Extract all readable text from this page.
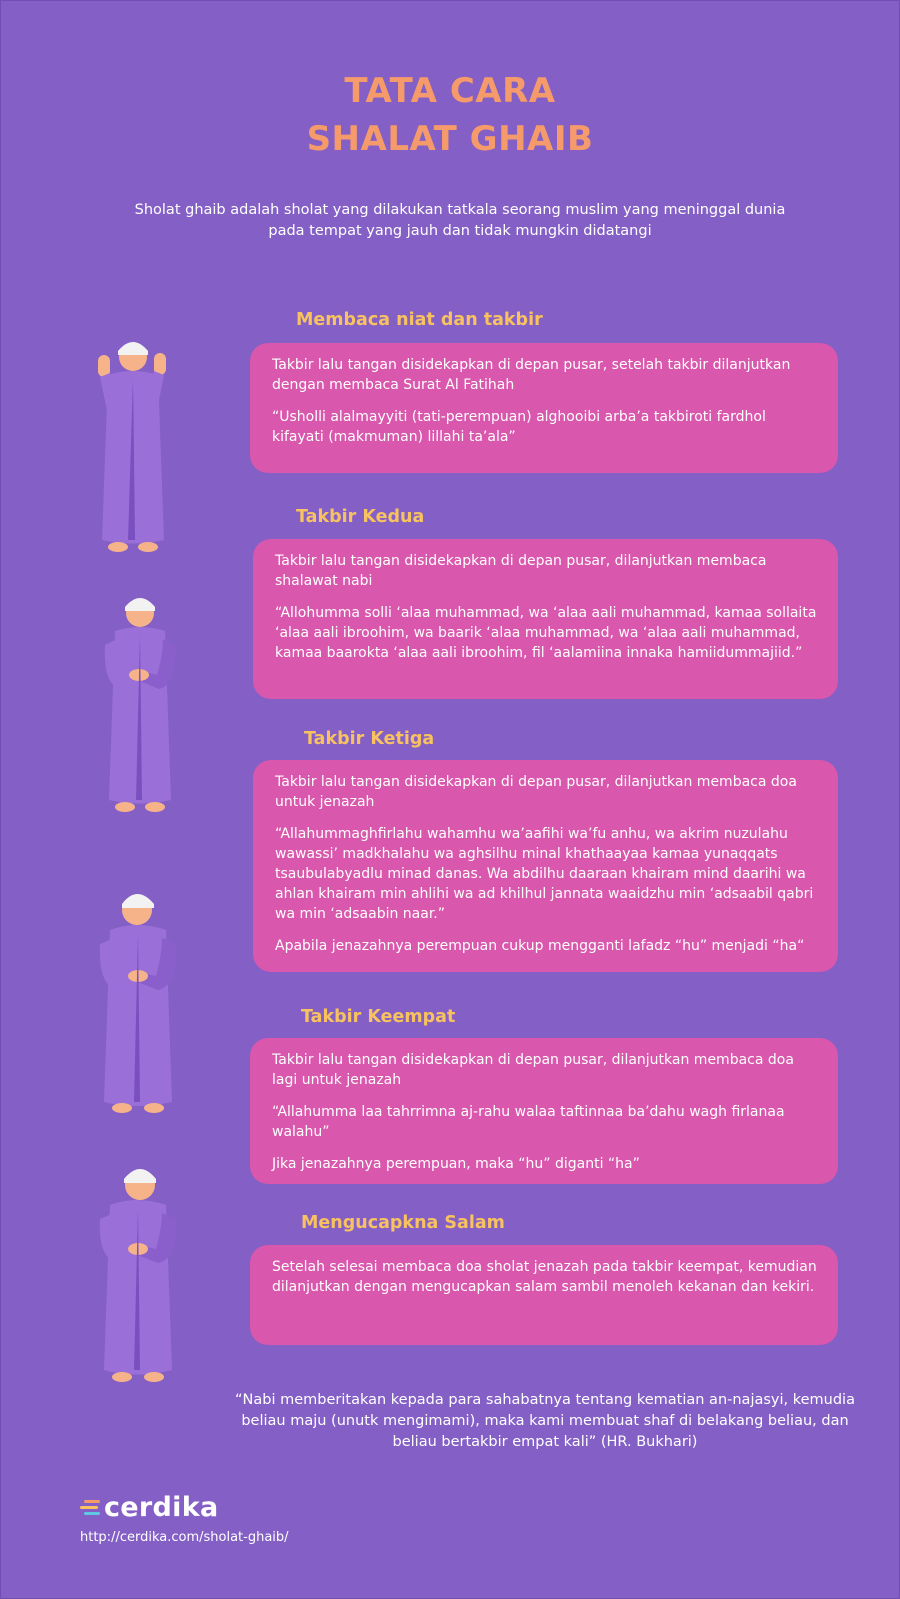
TATA CARA
SHALAT GHAIB
Sholat ghaib adalah sholat yang dilakukan tatkala seorang muslim yang meninggal dunia pada tempat yang jauh dan tidak mungkin didatangi
Membaca niat dan takbir

Takbir lalu tangan disidekapkan di depan pusar, setelah takbir dilanjutkan dengan membaca Surat Al Fatihah

“Usholli alalmayyiti (tati-perempuan) alghooibi arba’a takbiroti fardhol kifayati (makmuman) lillahi ta’ala”

Takbir Kedua

Takbir lalu tangan disidekapkan di depan pusar, dilanjutkan membaca shalawat nabi

“Allohumma solli ‘alaa muhammad, wa ‘alaa aali muhammad, kamaa sollaita ‘alaa aali ibroohim, wa baarik ‘alaa muhammad, wa ‘alaa aali muhammad, kamaa baarokta ‘alaa aali ibroohim, fil ‘aalamiina innaka hamiidummajiid.”

Takbir Ketiga

Takbir lalu tangan disidekapkan di depan pusar, dilanjutkan membaca doa untuk jenazah

“Allahummaghfirlahu wahamhu wa’aafihi wa’fu anhu, wa akrim nuzulahu wawassi’ madkhalahu wa aghsilhu minal khathaayaa kamaa yunaqqats tsaubulabyadlu minad danas. Wa abdilhu daaraan khairam mind daarihi wa ahlan khairam min ahlihi wa ad khilhul jannata waaidzhu min ‘adsaabil qabri wa min ‘adsaabin naar.”

Apabila jenazahnya perempuan cukup mengganti lafadz “hu” menjadi “ha“

Takbir Keempat

Takbir lalu tangan disidekapkan di depan pusar, dilanjutkan membaca doa lagi untuk jenazah

“Allahumma laa tahrrimna aj-rahu walaa taftinnaa ba’dahu wagh firlanaa walahu”

Jika jenazahnya perempuan, maka “hu” diganti “ha”

Mengucapkna Salam

Setelah selesai membaca doa sholat jenazah pada takbir keempat, kemudian dilanjutkan dengan mengucapkan salam sambil menoleh kekanan dan kekiri.

“Nabi memberitakan kepada para sahabatnya tentang kematian an-najasyi, kemudia beliau maju (unutk mengimami), maka kami membuat shaf di belakang beliau, dan beliau bertakbir empat kali” (HR. Bukhari)
cerdika
http://cerdika.com/sholat-ghaib/
